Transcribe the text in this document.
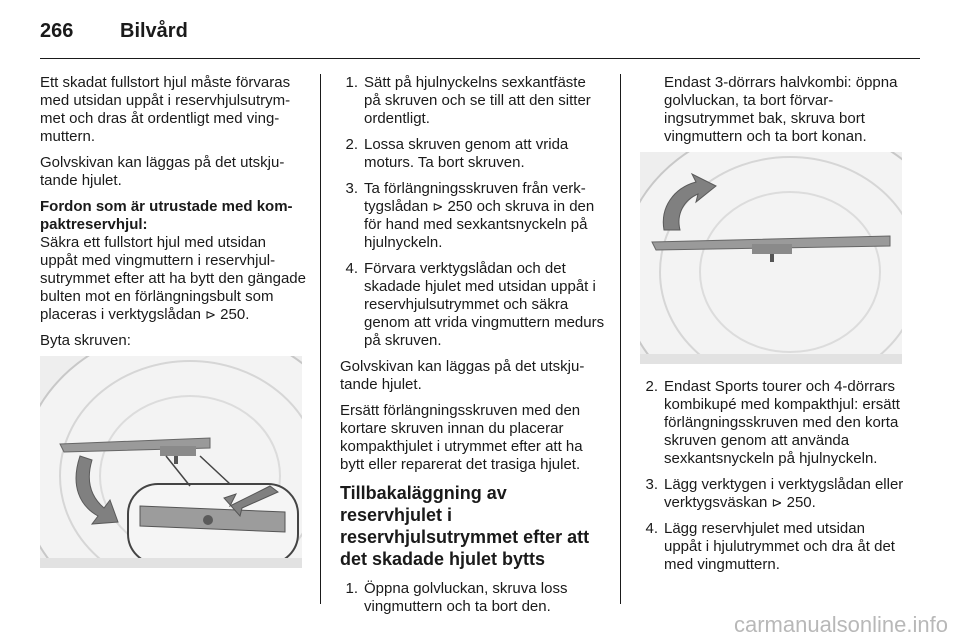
266 Bilvård

Ett skadat fullstort hjul måste förvaras med utsidan uppåt i reservhjulsutrymmet och dras åt ordentligt med vingmuttern.

Golvskivan kan läggas på det utskjutande hjulet.

Fordon som är utrustade med kompaktreservhjul:

Säkra ett fullstort hjul med utsidan uppåt med vingmuttern i reservhjulsutrymmet efter att ha bytt den gängade bulten mot en förlängningsbult som placeras i verktygslådan ⊳ 250.

Byta skruven:

1. Sätt på hjulnyckelns sexkantfäste på skruven och se till att den sitter ordentligt.
2. Lossa skruven genom att vrida moturs. Ta bort skruven.
3. Ta förlängningsskruven från verktygslådan ⊳ 250 och skruva in den för hand med sexkantsnyckeln på hjulnyckeln.
4. Förvara verktygslådan och det skadade hjulet med utsidan uppåt i reservhjulsutrymmet och säkra genom att vrida vingmuttern medurs på skruven.

Golvskivan kan läggas på det utskjutande hjulet.

Ersätt förlängningsskruven med den kortare skruven innan du placerar kompakthjulet i utrymmet efter att ha bytt eller reparerat det trasiga hjulet.

Tillbakaläggning av reservhjulet i reservhjulsutrymmet efter att det skadade hjulet bytts
1. Öppna golvluckan, skruva loss vingmuttern och ta bort den.

Endast 3-dörrars halvkombi: öppna golvluckan, ta bort förvaringsutrymmet bak, skruva bort vingmuttern och ta bort konan.

2. Endast Sports tourer och 4-dörrars kombikupé med kompakthjul: ersätt förlängningsskruven med den korta skruven genom att använda sexkantsnyckeln på hjulnyckeln.
3. Lägg verktygen i verktygslådan eller verktygsväskan ⊳ 250.
4. Lägg reservhjulet med utsidan uppåt i hjulutrymmet och dra åt det med vingmuttern.
carmanualsonline.info
